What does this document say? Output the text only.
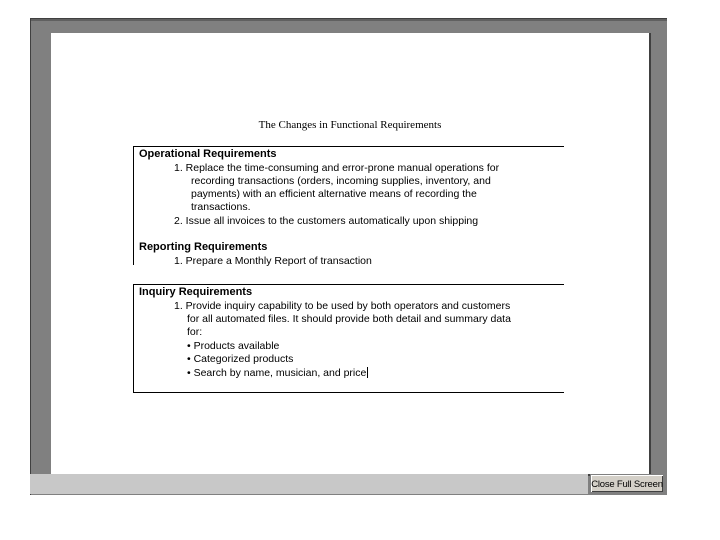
The Changes in Functional Requirements
Operational Requirements
1. Replace the time-consuming and error-prone manual operations for
recording transactions (orders, incoming supplies, inventory, and
payments) with an efficient alternative means of recording the
transactions.
2. Issue all invoices to the customers automatically upon shipping
Reporting Requirements
1. Prepare a Monthly Report of transaction
Inquiry Requirements
1. Provide inquiry capability to be used by both operators and customers
for all automated files. It should provide both detail and summary data
for:
• Products available
• Categorized products
• Search by name, musician, and price
Close Full Screen
